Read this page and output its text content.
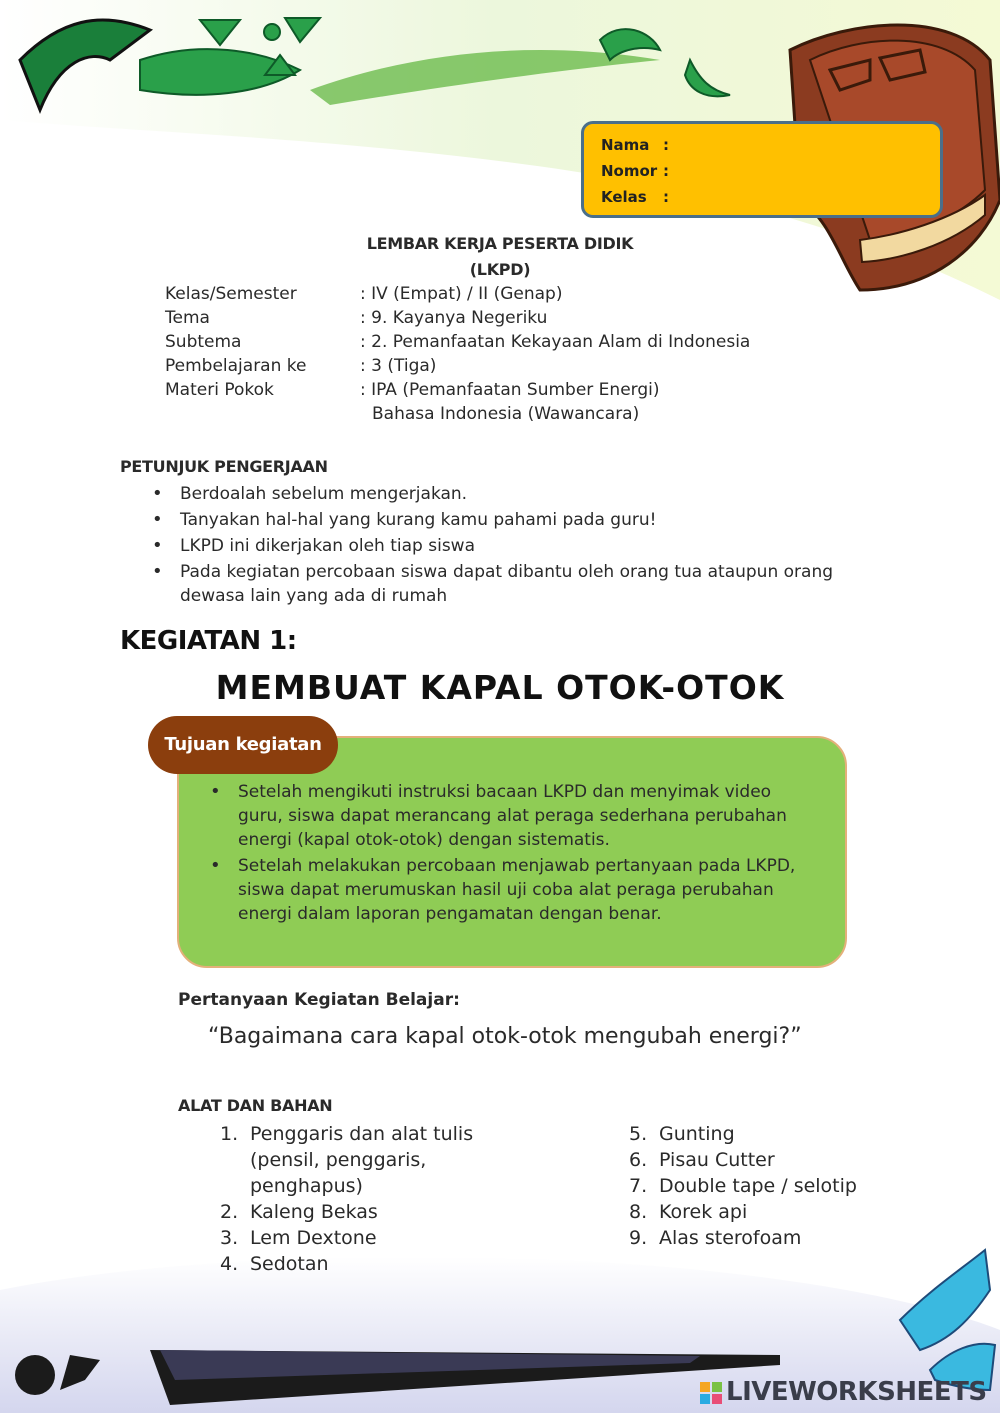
Nama :
Nomor :
Kelas :
LEMBAR KERJA PESERTA DIDIK
(LKPD)
Kelas/Semester	: IV (Empat) / II (Genap)
Tema	: 9. Kayanya Negeriku
Subtema	: 2. Pemanfaatan Kekayaan Alam di Indonesia
Pembelajaran ke	: 3 (Tiga)
Materi Pokok	: IPA (Pemanfaatan Sumber Energi)
Bahasa Indonesia (Wawancara)
PETUNJUK PENGERJAAN
• Berdoalah sebelum mengerjakan.
• Tanyakan hal-hal yang kurang kamu pahami pada guru!
• LKPD ini dikerjakan oleh tiap siswa
• Pada kegiatan percobaan siswa dapat dibantu oleh orang tua ataupun orang dewasa lain yang ada di rumah
KEGIATAN 1:
MEMBUAT KAPAL OTOK-OTOK
Tujuan kegiatan
• Setelah mengikuti instruksi bacaan LKPD dan menyimak video guru, siswa dapat merancang alat peraga sederhana perubahan energi (kapal otok-otok) dengan sistematis.
• Setelah melakukan percobaan menjawab pertanyaan pada LKPD, siswa dapat merumuskan hasil uji coba alat peraga perubahan energi dalam laporan pengamatan dengan benar.
Pertanyaan Kegiatan Belajar:
“Bagaimana cara kapal otok-otok mengubah energi?”
ALAT DAN BAHAN
1. Penggaris dan alat tulis (pensil, penggaris, penghapus)
2. Kaleng Bekas
3. Lem Dextone
4. Sedotan
5. Gunting
6. Pisau Cutter
7. Double tape / selotip
8. Korek api
9. Alas sterofoam
LIVEWORKSHEETS
